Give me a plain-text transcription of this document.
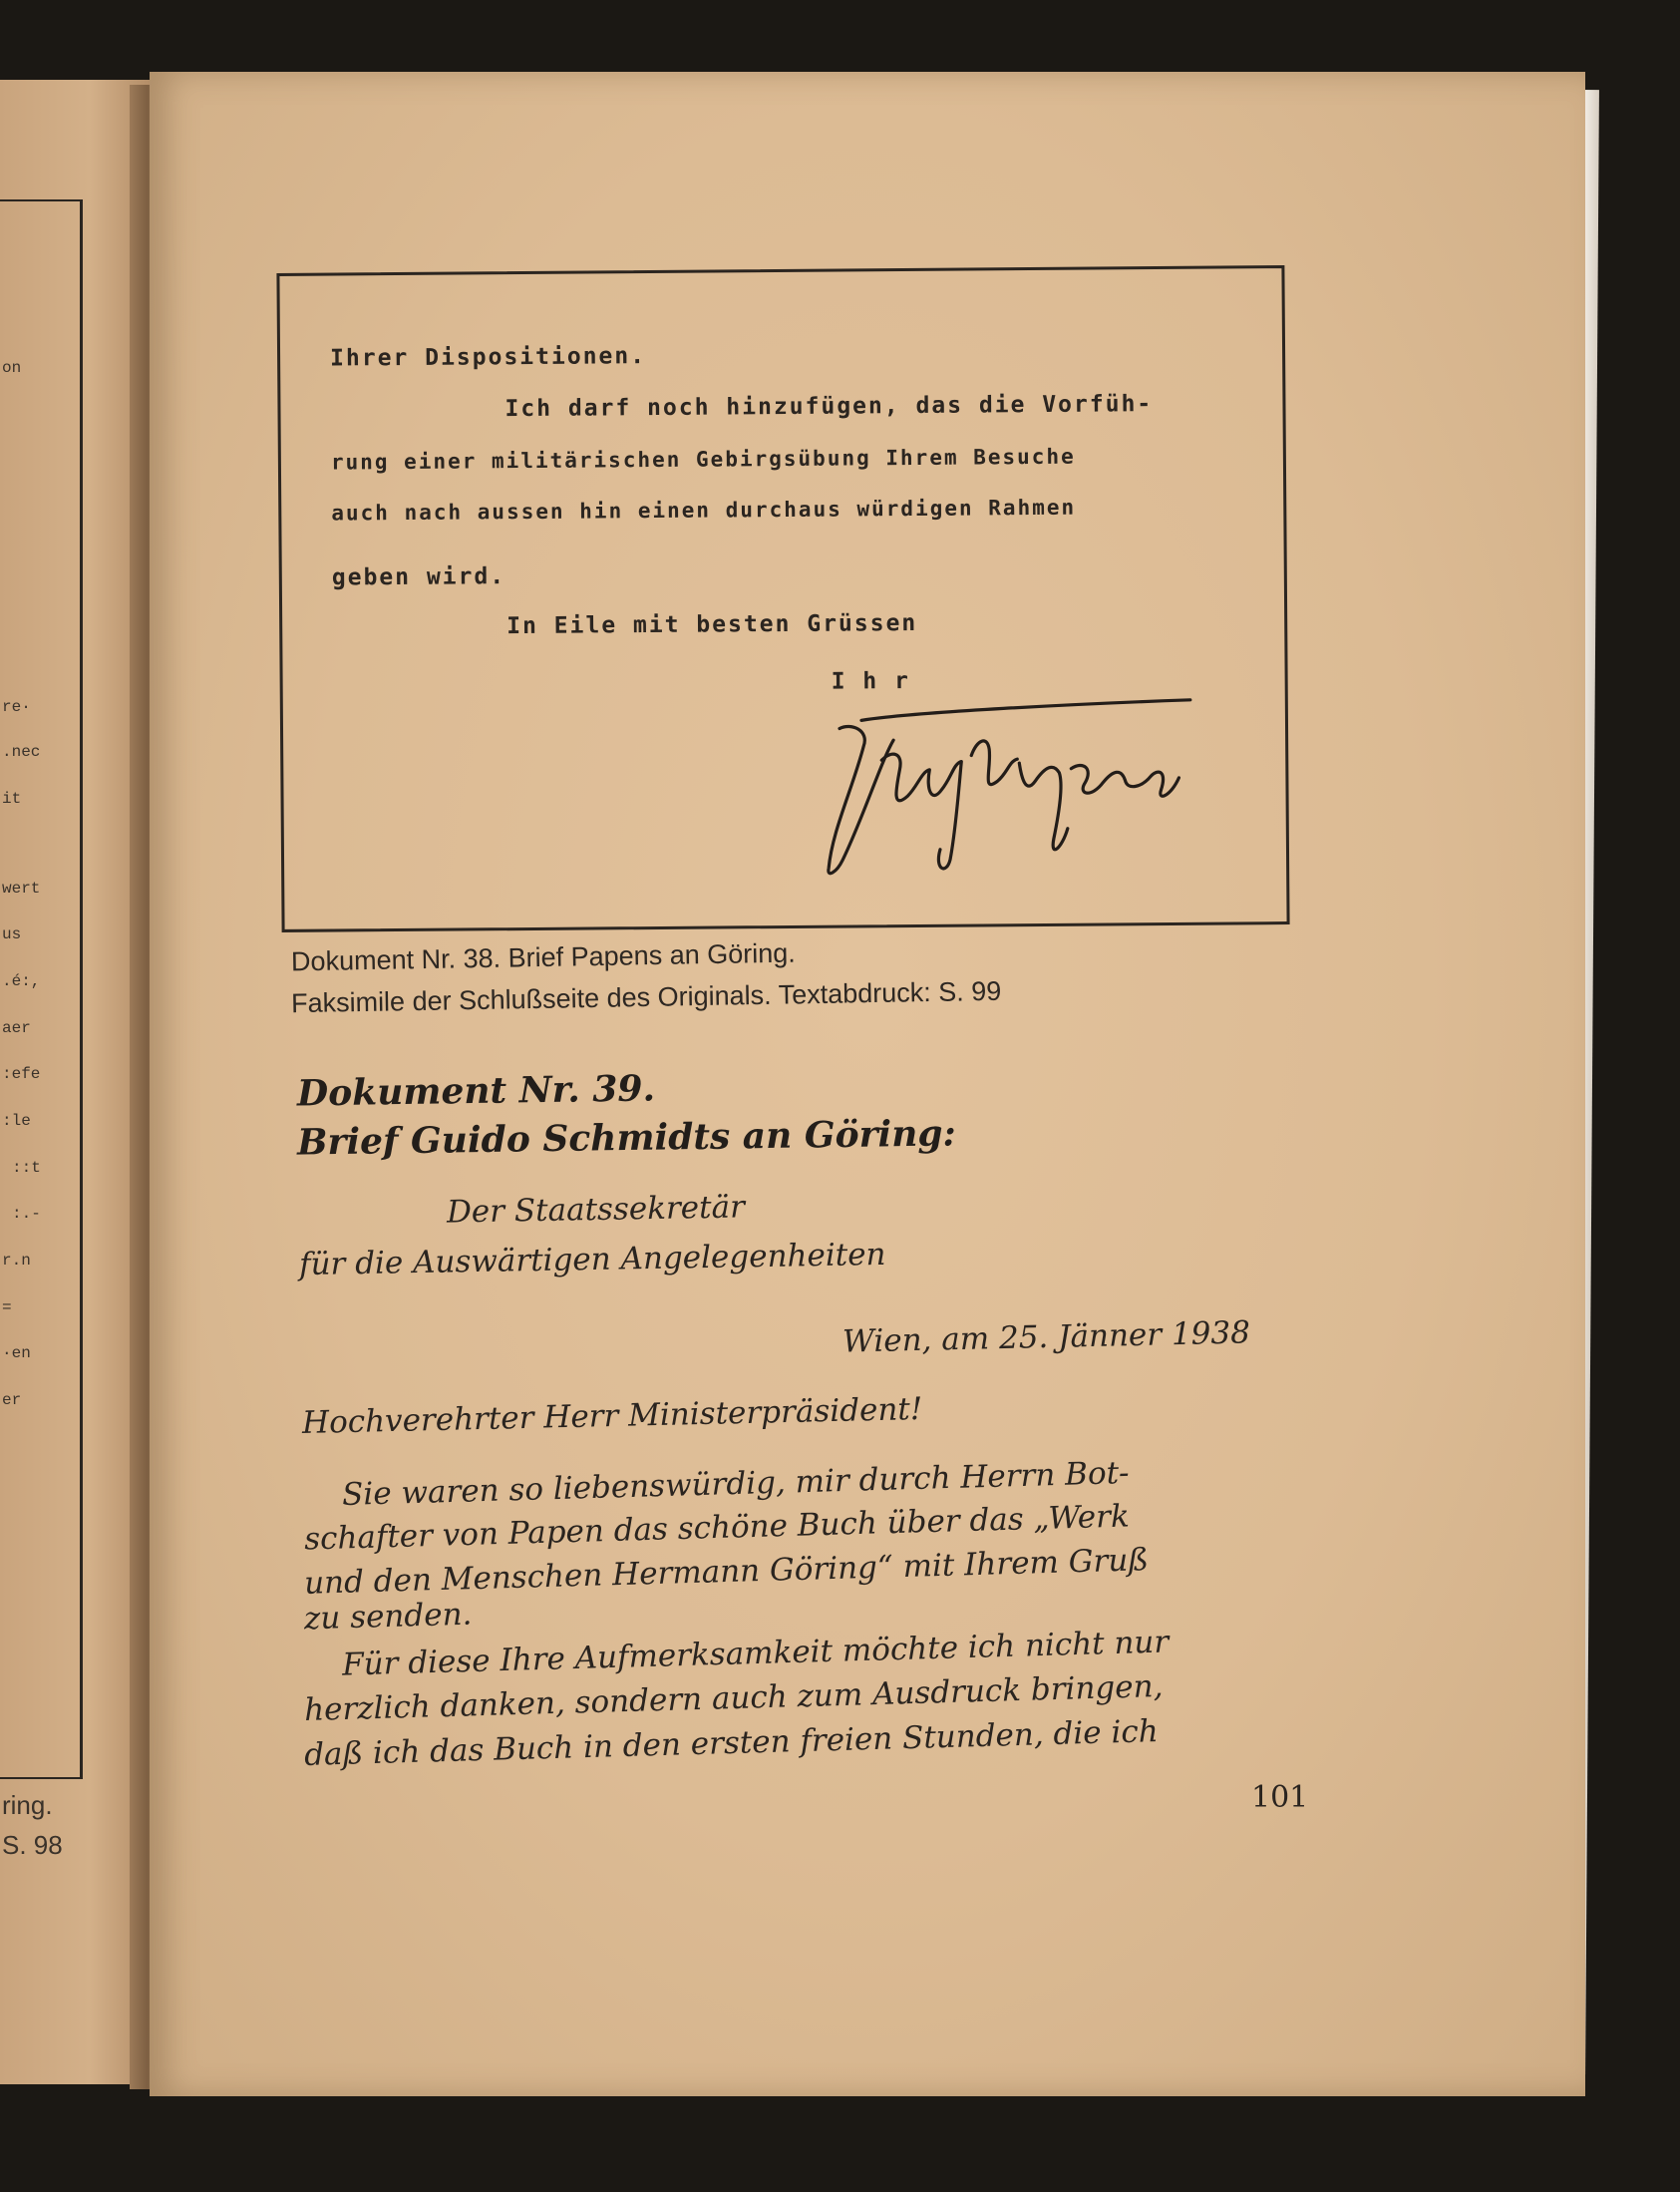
on
re·
.nec
it
wert
us
.é:,
aer
:efe
:le
::t
:.-
r.n
=
·en
er
ring.
S. 98
Ihrer Dispositionen.
Ich darf noch hinzufügen, das die Vorfüh-
rung einer militärischen Gebirgsübung Ihrem Besuche
auch nach aussen hin einen durchaus würdigen Rahmen
geben wird.
In Eile mit besten Grüssen
I h r
Dokument Nr. 38. Brief Papens an Göring.
Faksimile der Schlußseite des Originals. Textabdruck: S. 99
Dokument Nr. 39.
Brief Guido Schmidts an Göring:
Der Staatssekretär
für die Auswärtigen Angelegenheiten
Wien, am 25. Jänner 1938
Hochverehrter Herr Ministerpräsident!
Sie waren so liebenswürdig, mir durch Herrn Bot-
schafter von Papen das schöne Buch über das „Werk
und den Menschen Hermann Göring“ mit Ihrem Gruß
zu senden.
Für diese Ihre Aufmerksamkeit möchte ich nicht nur
herzlich danken, sondern auch zum Ausdruck bringen,
daß ich das Buch in den ersten freien Stunden, die ich
101
